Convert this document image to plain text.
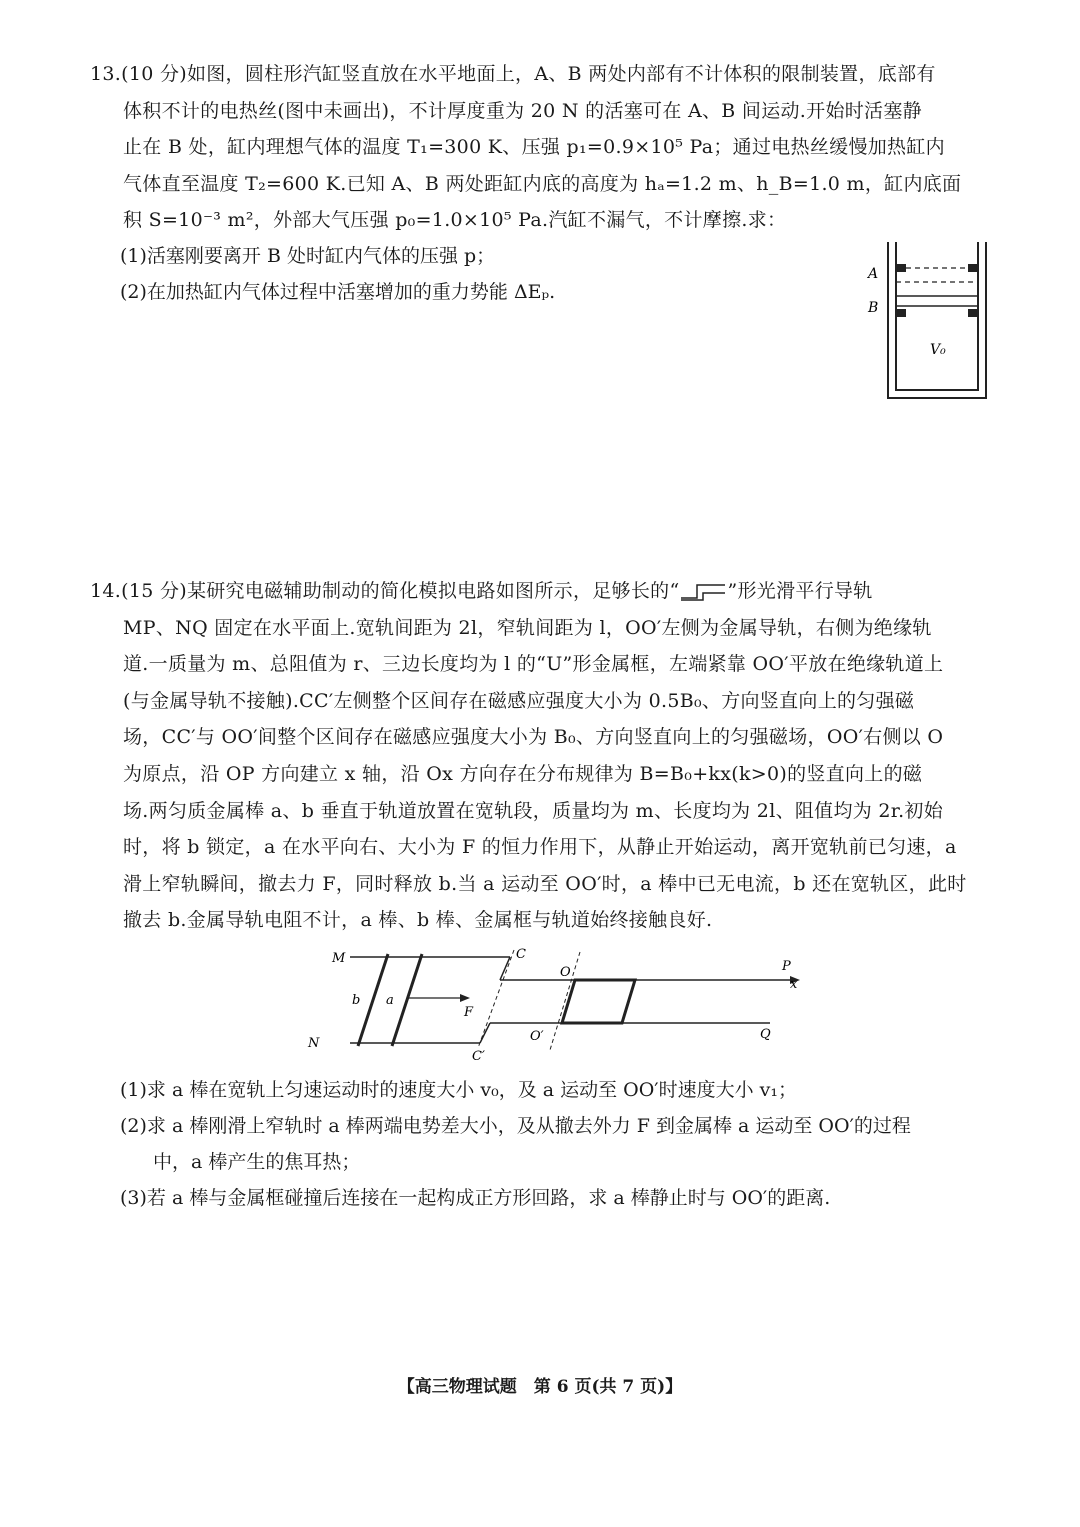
13.(10 分)如图，圆柱形汽缸竖直放在水平地面上，A、B 两处内部有不计体积的限制装置，底部有
体积不计的电热丝(图中未画出)，不计厚度重为 20 N 的活塞可在 A、B 间运动.开始时活塞静
止在 B 处，缸内理想气体的温度 T₁=300 K、压强 p₁=0.9×10⁵ Pa；通过电热丝缓慢加热缸内
气体直至温度 T₂=600 K.已知 A、B 两处距缸内底的高度为 hₐ=1.2 m、h_B=1.0 m，缸内底面
积 S=10⁻³ m²，外部大气压强 p₀=1.0×10⁵ Pa.汽缸不漏气，不计摩擦.求：
(1)活塞刚要离开 B 处时缸内气体的压强 p；
(2)在加热缸内气体过程中活塞增加的重力势能 ΔEₚ.
A
B
V₀
14.(15 分)某研究电磁辅助制动的简化模拟电路如图所示，足够长的“	”形光滑平行导轨
MP、NQ 固定在水平面上.宽轨间距为 2l，窄轨间距为 l，OO′左侧为金属导轨，右侧为绝缘轨
道.一质量为 m、总阻值为 r、三边长度均为 l 的“U”形金属框，左端紧靠 OO′平放在绝缘轨道上
(与金属导轨不接触).CC′左侧整个区间存在磁感应强度大小为 0.5B₀、方向竖直向上的匀强磁
场，CC′与 OO′间整个区间存在磁感应强度大小为 B₀、方向竖直向上的匀强磁场，OO′右侧以 O
为原点，沿 OP 方向建立 x 轴，沿 Ox 方向存在分布规律为 B=B₀+kx(k>0)的竖直向上的磁
场.两匀质金属棒 a、b 垂直于轨道放置在宽轨段，质量均为 m、长度均为 2l、阻值均为 2r.初始
时，将 b 锁定，a 在水平向右、大小为 F 的恒力作用下，从静止开始运动，离开宽轨前已匀速，a
滑上窄轨瞬间，撤去力 F，同时释放 b.当 a 运动至 OO′时，a 棒中已无电流，b 还在宽轨区，此时
撤去 b.金属导轨电阻不计，a 棒、b 棒、金属框与轨道始终接触良好.
M
N
C
C′
O
O′
P
x
Q
b a
F
(1)求 a 棒在宽轨上匀速运动时的速度大小 v₀，及 a 运动至 OO′时速度大小 v₁；
(2)求 a 棒刚滑上窄轨时 a 棒两端电势差大小，及从撤去外力 F 到金属棒 a 运动至 OO′的过程
中，a 棒产生的焦耳热；
(3)若 a 棒与金属框碰撞后连接在一起构成正方形回路，求 a 棒静止时与 OO′的距离.
【高三物理试题　第 6 页(共 7 页)】
